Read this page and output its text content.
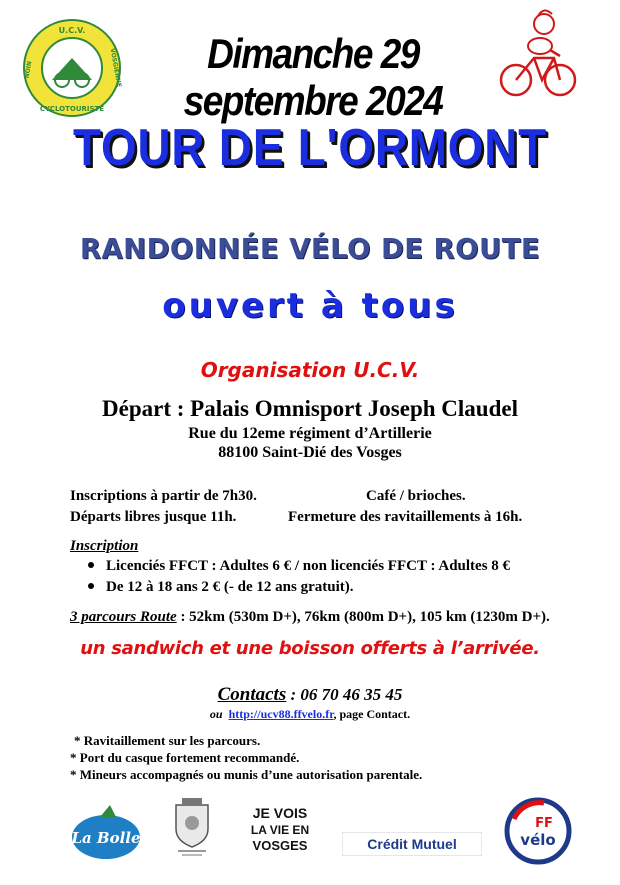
U.C.V.
NOIN	VOSGIENNE
CYCLOTOURISTE
Dimanche 29 septembre 2024
TOUR DE L'ORMONT
RANDONNÉE VÉLO DE ROUTE
ouvert à tous
Organisation U.C.V.
Départ : Palais Omnisport Joseph Claudel
Rue du 12eme régiment d’Artillerie
88100 Saint-Dié des Vosges
Inscriptions à partir de 7h30.	Café / brioches.
Départs libres jusque 11h.	Fermeture des ravitaillements à 16h.
Inscription
Licenciés FFCT : Adultes 6 € / non licenciés FFCT : Adultes 8 €
De 12 à 18 ans 2 € (- de 12 ans gratuit).
3 parcours Route : 52km (530m D+), 76km (800m D+), 105 km (1230m D+).
un sandwich et une boisson offerts à l’arrivée.
Contacts : 06 70 46 35 45
ou http://ucv88.ffvelo.fr, page Contact.
* Ravitaillement sur les parcours.
* Port du casque fortement recommandé.
* Mineurs accompagnés ou munis d’une autorisation parentale.
La Bolle
JE VOIS
LA VIE EN
VOSGES	Crédit Mutuel
FF
vélo
